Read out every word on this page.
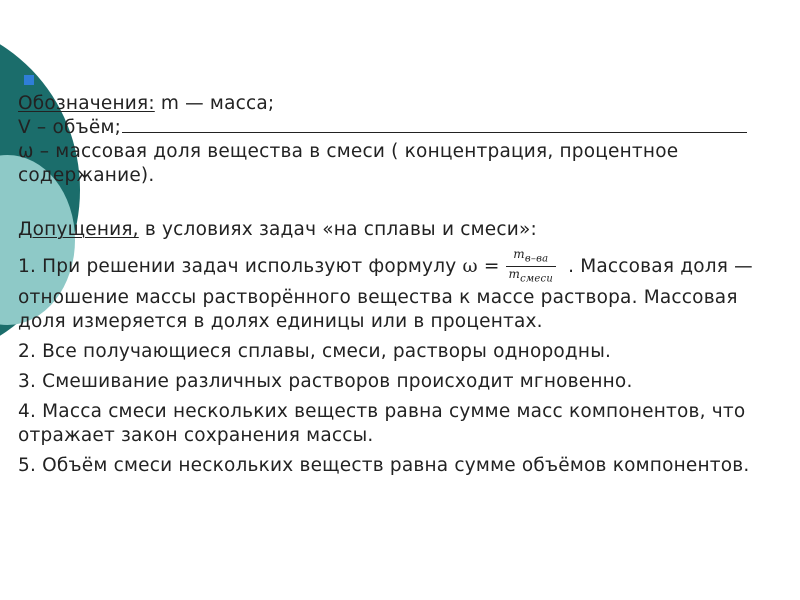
Обозначения: m — масса;
V – объём;
ω – массовая доля вещества в смеси ( концентрация, процентное содержание).
Допущения, в условиях задач «на сплавы и смеси»:
1. При решении задач используют формулу $\omega = \frac{m_{в-ва}}{m_{смеси}}$ . Массовая доля — отношение массы растворённого вещества к массе раствора. Массовая доля измеряется в долях единицы или в процентах.
2. Все получающиеся сплавы, смеси, растворы однородны.
3. Смешивание различных растворов происходит мгновенно.
4. Масса смеси нескольких веществ равна сумме масс компонентов, что отражает закон сохранения массы.
5. Объём смеси нескольких веществ равна сумме объёмов компонентов.
